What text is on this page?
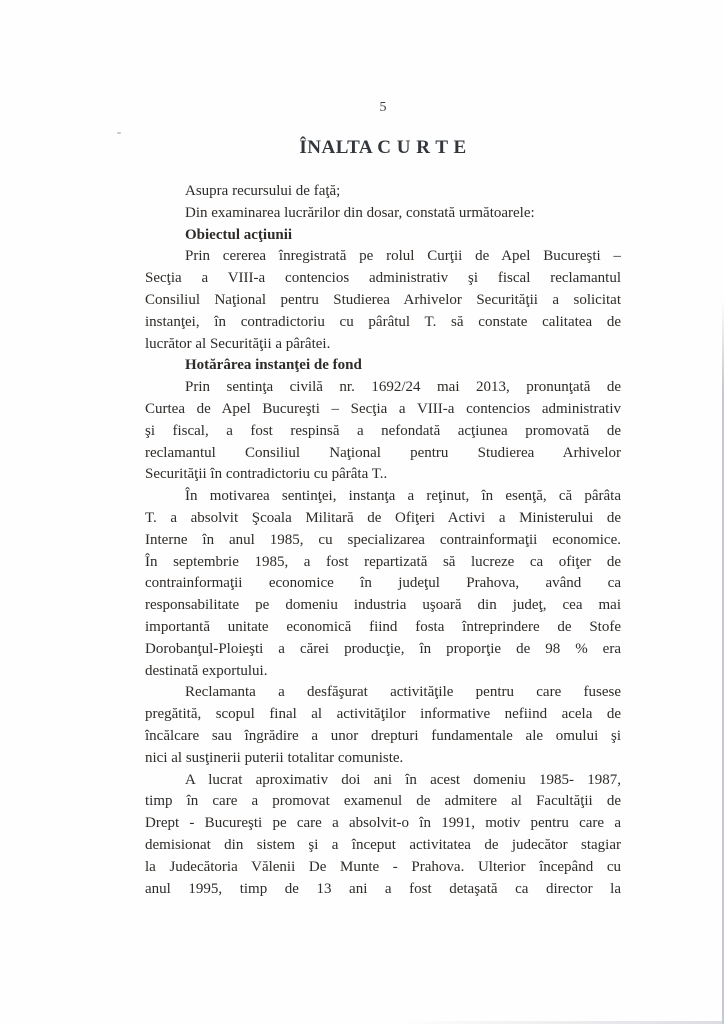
5
ÎNALTA C U R T E
Asupra recursului de faţă;
Din examinarea lucrărilor din dosar, constată următoarele:
Obiectul acţiunii
Prin cererea înregistrată pe rolul Curţii de Apel Bucureşti –
Secţia a VIII-a contencios administrativ şi fiscal reclamantul
Consiliul Naţional pentru Studierea Arhivelor Securităţii a solicitat
instanţei, în contradictoriu cu pârâtul T. să constate calitatea de
lucrător al Securităţii a pârâtei.
Hotărârea instanţei de fond
Prin sentinţa civilă nr. 1692/24 mai 2013, pronunţată de
Curtea de Apel Bucureşti – Secţia a VIII-a contencios administrativ
şi fiscal, a fost respinsă a nefondată acţiunea promovată de
reclamantul Consiliul Naţional pentru Studierea Arhivelor
Securităţii în contradictoriu cu pârâta T..
În motivarea sentinţei, instanţa a reţinut, în esenţă, că pârâta
T. a absolvit Şcoala Militară de Ofiţeri Activi a Ministerului de
Interne în anul 1985, cu specializarea contrainformaţii economice.
În septembrie 1985, a fost repartizată să lucreze ca ofiţer de
contrainformaţii economice în judeţul Prahova, având ca
responsabilitate pe domeniu industria uşoară din judeţ, cea mai
importantă unitate economică fiind fosta întreprindere de Stofe
Dorobanţul-Ploieşti a cărei producţie, în proporţie de 98 % era
destinată exportului.
Reclamanta a desfăşurat activităţile pentru care fusese
pregătită, scopul final al activităţilor informative nefiind acela de
încălcare sau îngrădire a unor drepturi fundamentale ale omului şi
nici al susţinerii puterii totalitar comuniste.
A lucrat aproximativ doi ani în acest domeniu 1985- 1987,
timp în care a promovat examenul de admitere al Facultăţii de
Drept - Bucureşti pe care a absolvit-o în 1991, motiv pentru care a
demisionat din sistem şi a început activitatea de judecător stagiar
la Judecătoria Vălenii De Munte - Prahova. Ulterior începând cu
anul 1995, timp de 13 ani a fost detaşată ca director la
